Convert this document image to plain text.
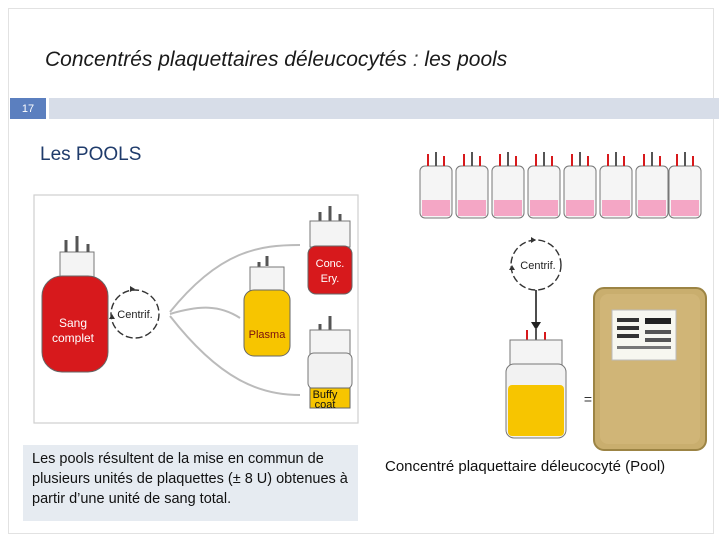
Concentrés plaquettaires déleucocytés : les pools
17
Les POOLS
Sang
complet
Centrif.
Conc.
Ery.
Plasma
Buffy
coat
Centrif.
=
Les pools résultent de la mise en commun de plusieurs unités de plaquettes (± 8 U) obtenues à partir d’une unité de sang total.
Concentré plaquettaire déleucocyté (Pool)
